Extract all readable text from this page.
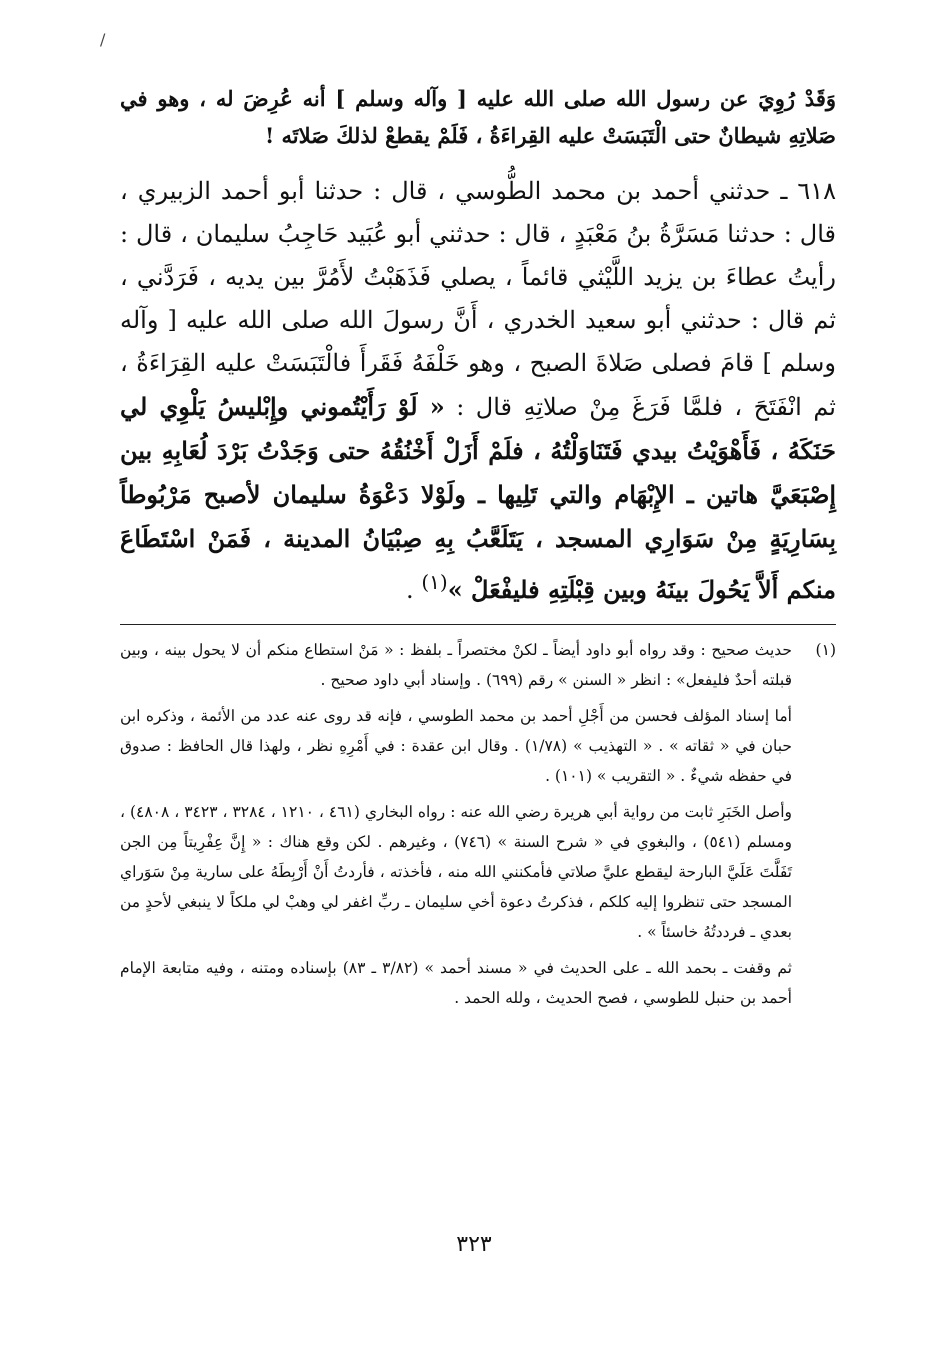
/

وَقَدْ رُوِيَ عن رسول الله صلى الله عليه [ وآله وسلم ] أنه عُرِضَ له ، وهو في صَلاتِهِ شيطانٌ حتى الْتَبَسَتْ عليه القِراءَةُ ، فَلَمْ يقطعْ لذلكَ صَلاتَه !

٦١٨ ـ حدثني أحمد بن محمد الطُّوسي ، قال : حدثنا أبو أحمد الزبيري ، قال : حدثنا مَسَرَّةُ بنُ مَعْبَدٍ ، قال : حدثني أبو عُبَيد حَاجِبُ سليمان ، قال : رأيتُ عطاءَ بن يزيد اللَّيْثي قائماً ، يصلي فَذَهَبْتُ لأَمُرَّ بين يديه ، فَرَدَّني ، ثم قال : حدثني أبو سعيد الخدري ، أَنَّ رسولَ الله صلى الله عليه [ وآله وسلم ] قامَ فصلى صَلاةَ الصبح ، وهو خَلْفَهُ فَقَرأَ فالْتَبَسَتْ عليه القِرَاءَةُ ، ثم انْفَتَحَ ، فلمَّا فَرَغَ مِنْ صلاتِهِ قال : « لَوْ رَأَيْتُموني وإِبْليسُ يَلْوِي لي حَنَكَهُ ، فَأَهْوَيْتُ بيدي فَتَنَاوَلْتُهُ ، فلَمْ أَزَلْ أَخْنُقُهُ حتى وَجَدْتُ بَرْدَ لُعَابِهِ بين إِصْبَعَيَّ هاتين ـ الإِبْهَام والتي تَلِيها ـ ولَوْلا دَعْوَةُ سليمان لأصبح مَرْبُوطاً بِسَارِيَةٍ مِنْ سَوَارِي المسجد ، يَتَلَعَّبُ بِهِ صِبْيَانُ المدينة ، فَمَنْ اسْتَطَاعَ منكم أَلاَّ يَحُولَ بينَهُ وبين قِبْلَتِهِ فليفْعَلْ »$^{(١)}$ .

(١)

حديث صحيح : وقد رواه أبو داود أيضاً ـ لكنْ مختصراً ـ بلفظ : « مَنْ استطاع منكم أن لا يحول بينه ، وبين قبلته أحدٌ فليفعل» : انظر « السنن » رقم (٦٩٩) . وإسناد أبي داود صحيح .

أما إسناد المؤلف فحسن من أَجْلِ أحمد بن محمد الطوسي ، فإنه قد روى عنه عدد من الأئمة ، وذكره ابن حبان في « ثقاته » . « التهذيب » (١/٧٨) . وقال ابن عقدة : في أَمْرِهِ نظر ، ولهذا قال الحافظ : صدوق في حفظه شيءٌ . « التقريب » (١٠١) .

وأصل الخَبَرِ ثابت من رواية أبي هريرة رضي الله عنه : رواه البخاري (٤٦١ ، ١٢١٠ ، ٣٢٨٤ ، ٣٤٢٣ ، ٤٨٠٨) ، ومسلم (٥٤١) ، والبغوي في « شرح السنة » (٧٤٦) ، وغيرهم . لكن وقع هناك : « إِنَّ عِفْرِيتاً مِن الجن تَفَلَّتَ عَلَيَّ البارحة ليقطع عليَّ صلاتي فأمكنني الله منه ، فأخذته ، فأردتُ أَنْ أَرْبِطَهُ على سارية مِنْ سَوَراي المسجد حتى تنظروا إليه كلكم ، فذكرتُ دعوة أخي سليمان ـ ربِّ اغفر لي وهبْ لي ملكاً لا ينبغي لأحدٍ من بعدي ـ فرددتُهُ خاسئاً » .

ثم وقفت ـ بحمد الله ـ على الحديث في « مسند أحمد » (٣/٨٢ ـ ٨٣) بإسناده ومتنه ، وفيه متابعة الإمام أحمد بن حنبل للطوسي ، فصح الحديث ، ولله الحمد .

٣٢٣
